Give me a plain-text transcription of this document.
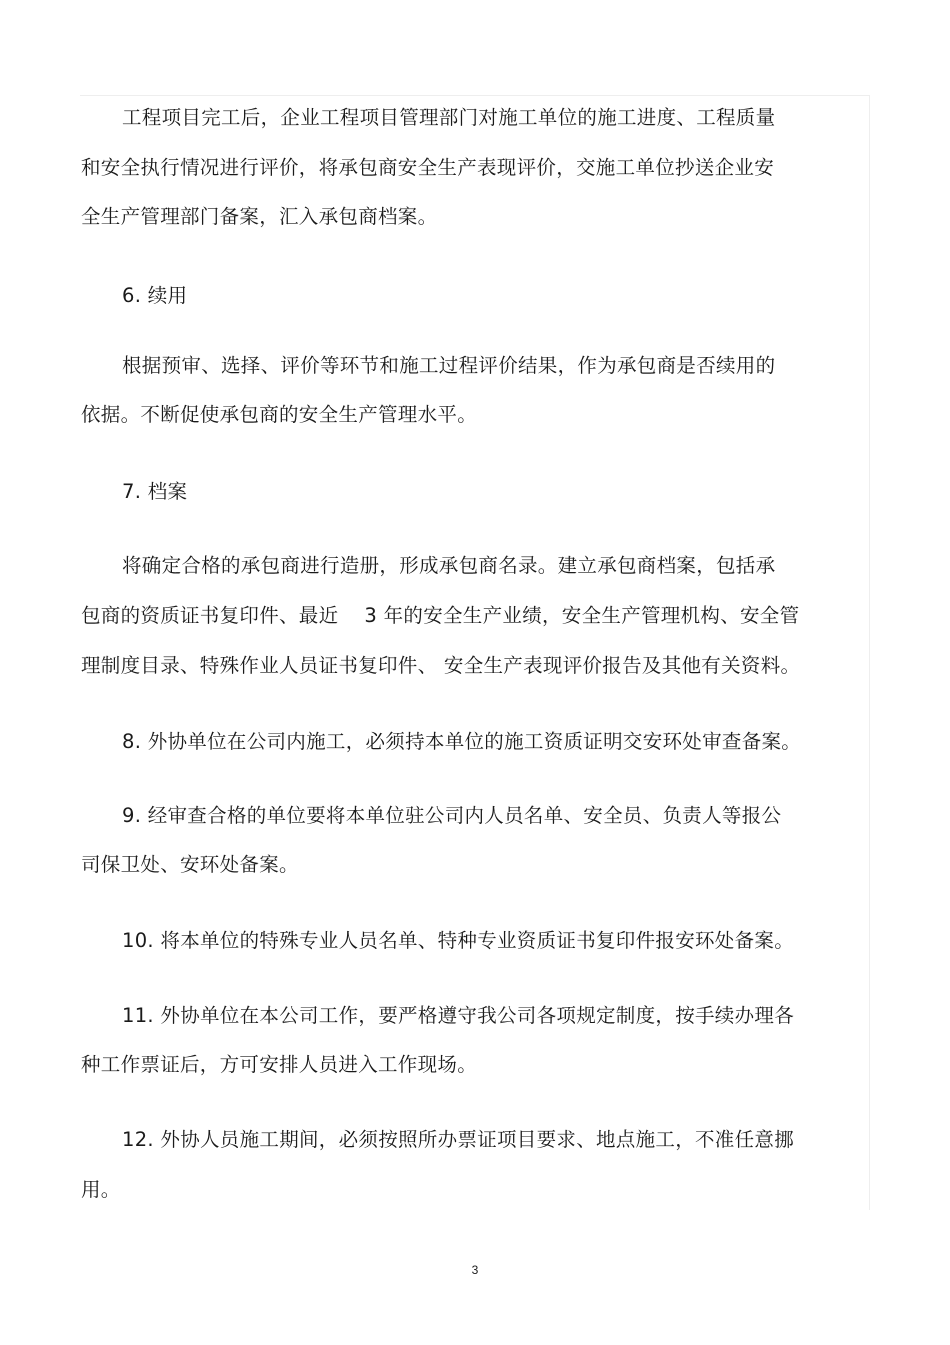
工程项目完工后，企业工程项目管理部门对施工单位的施工进度、工程质量
和安全执行情况进行评价，将承包商安全生产表现评价，交施工单位抄送企业安
全生产管理部门备案，汇入承包商档案。
6. 续用
根据预审、选择、评价等环节和施工过程评价结果，作为承包商是否续用的
依据。不断促使承包商的安全生产管理水平。
7. 档案
将确定合格的承包商进行造册，形成承包商名录。建立承包商档案，包括承
包商的资质证书复印件、最近    3 年的安全生产业绩，安全生产管理机构、安全管
理制度目录、特殊作业人员证书复印件、 安全生产表现评价报告及其他有关资料。
8. 外协单位在公司内施工，必须持本单位的施工资质证明交安环处审查备案。
9. 经审查合格的单位要将本单位驻公司内人员名单、安全员、负责人等报公
司保卫处、安环处备案。
10. 将本单位的特殊专业人员名单、特种专业资质证书复印件报安环处备案。
11. 外协单位在本公司工作，要严格遵守我公司各项规定制度，按手续办理各
种工作票证后，方可安排人员进入工作现场。
12. 外协人员施工期间，必须按照所办票证项目要求、地点施工，不准任意挪
用。
3
